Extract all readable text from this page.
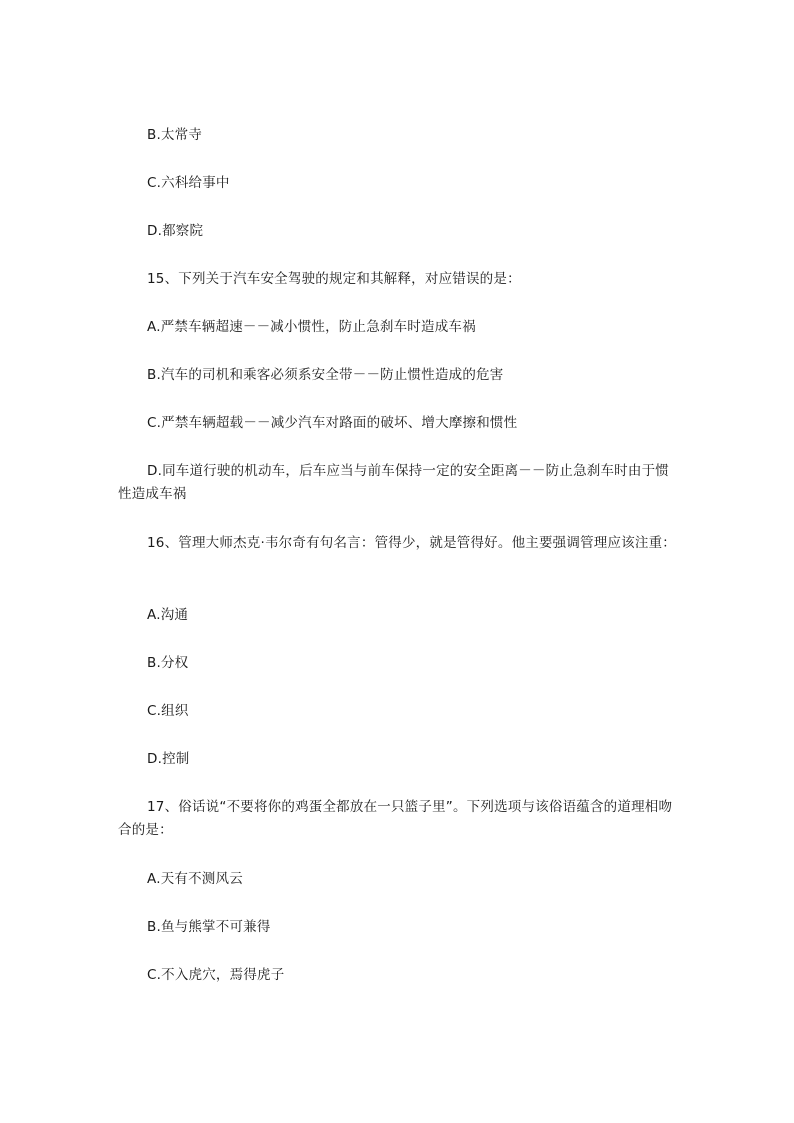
B.太常寺
C.六科给事中
D.都察院
15、下列关于汽车安全驾驶的规定和其解释，对应错误的是：
A.严禁车辆超速－－减小惯性，防止急刹车时造成车祸
B.汽车的司机和乘客必须系安全带－－防止惯性造成的危害
C.严禁车辆超载－－减少汽车对路面的破坏、增大摩擦和惯性
D.同车道行驶的机动车，后车应当与前车保持一定的安全距离－－防止急刹车时由于惯性造成车祸
16、管理大师杰克·韦尔奇有句名言：管得少，就是管得好。他主要强调管理应该注重：
A.沟通
B.分权
C.组织
D.控制
17、俗话说“不要将你的鸡蛋全都放在一只篮子里”。下列选项与该俗语蕴含的道理相吻合的是：
A.天有不测风云
B.鱼与熊掌不可兼得
C.不入虎穴，焉得虎子
